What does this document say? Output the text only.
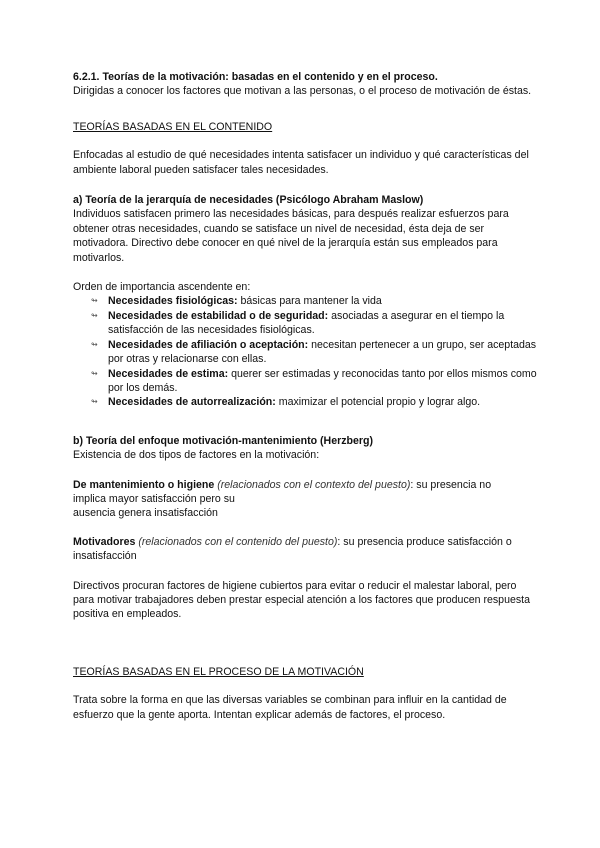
6.2.1. Teorías de la motivación: basadas en el contenido y en el proceso.

Dirigidas a conocer los factores que motivan a las personas, o el proceso de motivación de éstas.

TEORÍAS BASADAS EN EL CONTENIDO

Enfocadas al estudio de qué necesidades intenta satisfacer un individuo y qué características del ambiente laboral pueden satisfacer tales necesidades.

a) Teoría de la jerarquía de necesidades (Psicólogo Abraham Maslow)

Individuos satisfacen primero las necesidades básicas, para después realizar esfuerzos para obtener otras necesidades, cuando se satisface un nivel de necesidad, ésta deja de ser motivadora. Directivo debe conocer en qué nivel de la jerarquía están sus empleados para motivarlos.

Orden de importancia ascendente en:

↬ Necesidades fisiológicas: básicas para mantener la vida
↬ Necesidades de estabilidad o de seguridad: asociadas a asegurar en el tiempo la satisfacción de las necesidades fisiológicas.
↬ Necesidades de afiliación o aceptación: necesitan pertenecer a un grupo, ser aceptadas por otras y relacionarse con ellas.
↬ Necesidades de estima: querer ser estimadas y reconocidas tanto por ellos mismos como por los demás.
↬ Necesidades de autorrealización: maximizar el potencial propio y lograr algo.

b) Teoría del enfoque motivación-mantenimiento (Herzberg)

Existencia de dos tipos de factores en la motivación:

De mantenimiento o higiene (relacionados con el contexto del puesto): su presencia no

implica mayor satisfacción pero su

ausencia genera insatisfacción

Motivadores (relacionados con el contenido del puesto): su presencia produce satisfacción o insatisfacción

Directivos procuran factores de higiene cubiertos para evitar o reducir el malestar laboral, pero para motivar trabajadores deben prestar especial atención a los factores que producen respuesta positiva en empleados.

TEORÍAS BASADAS EN EL PROCESO DE LA MOTIVACIÓN

Trata sobre la forma en que las diversas variables se combinan para influir en la cantidad de esfuerzo que la gente aporta. Intentan explicar además de factores, el proceso.
